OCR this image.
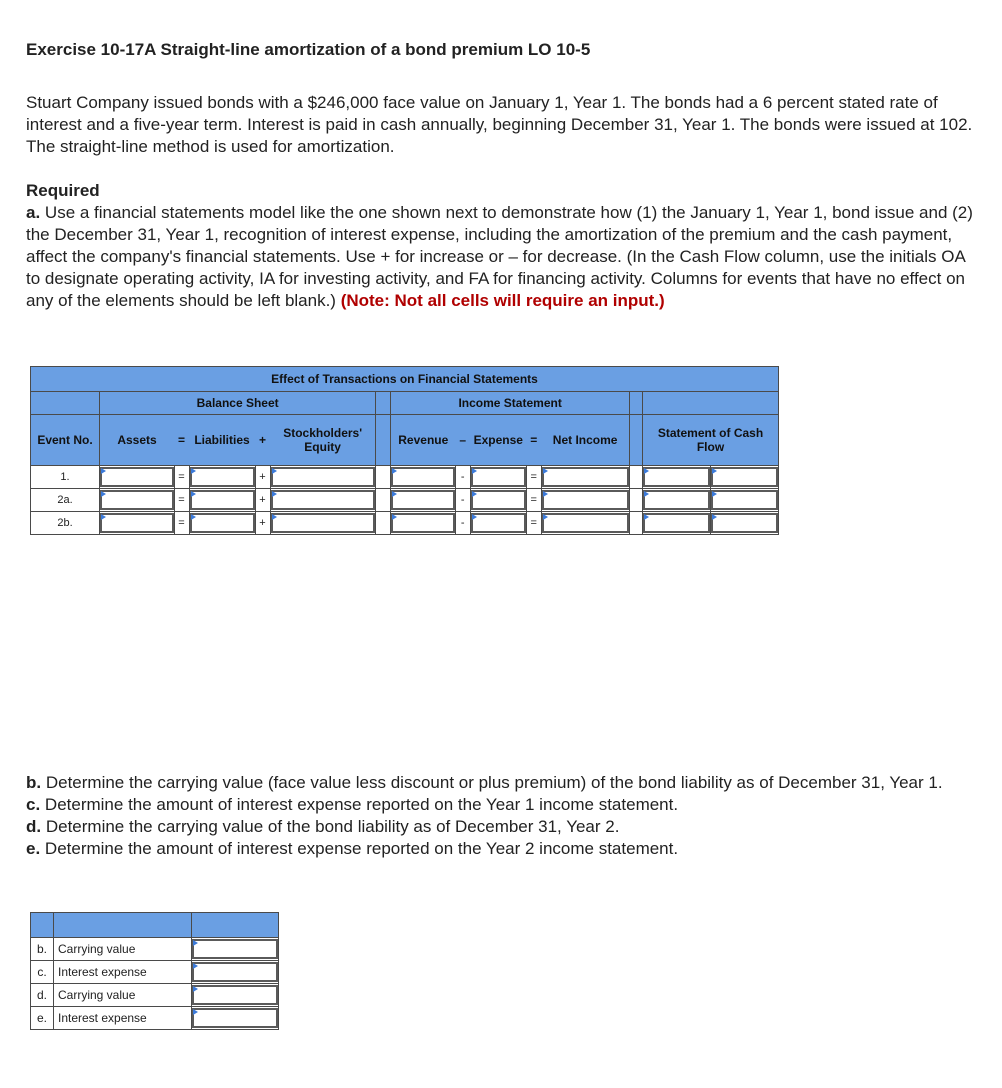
Exercise 10-17A Straight-line amortization of a bond premium LO 10-5
Stuart Company issued bonds with a $246,000 face value on January 1, Year 1. The bonds had a 6 percent stated rate of interest and a five-year term. Interest is paid in cash annually, beginning December 31, Year 1. The bonds were issued at 102. The straight-line method is used for amortization.
Required
a. Use a financial statements model like the one shown next to demonstrate how (1) the January 1, Year 1, bond issue and (2) the December 31, Year 1, recognition of interest expense, including the amortization of the premium and the cash payment, affect the company's financial statements. Use + for increase or – for decrease. (In the Cash Flow column, use the initials OA to designate operating activity, IA for investing activity, and FA for financing activity. Columns for events that have no effect on any of the elements should be left blank.) (Note: Not all cells will require an input.)
Effect of Transactions on Financial Statements														
	Balance Sheet						Income Statement							
Event No.	Assets	=	Liabilities	+	Stockholders' Equity		Revenue	–	Expense	=	Net Income		Statement of Cash Flow	
1.		=		+				-		=	

2a.		=		+				-		=	

2b.		=		+				-		=	

b. Determine the carrying value (face value less discount or plus premium) of the bond liability as of December 31, Year 1.
c. Determine the amount of interest expense reported on the Year 1 income statement.
d. Determine the carrying value of the bond liability as of December 31, Year 2.
e. Determine the amount of interest expense reported on the Year 2 income statement.

b.	Carrying value	

c.	Interest expense	

d.	Carrying value	

e.	Interest expense	
